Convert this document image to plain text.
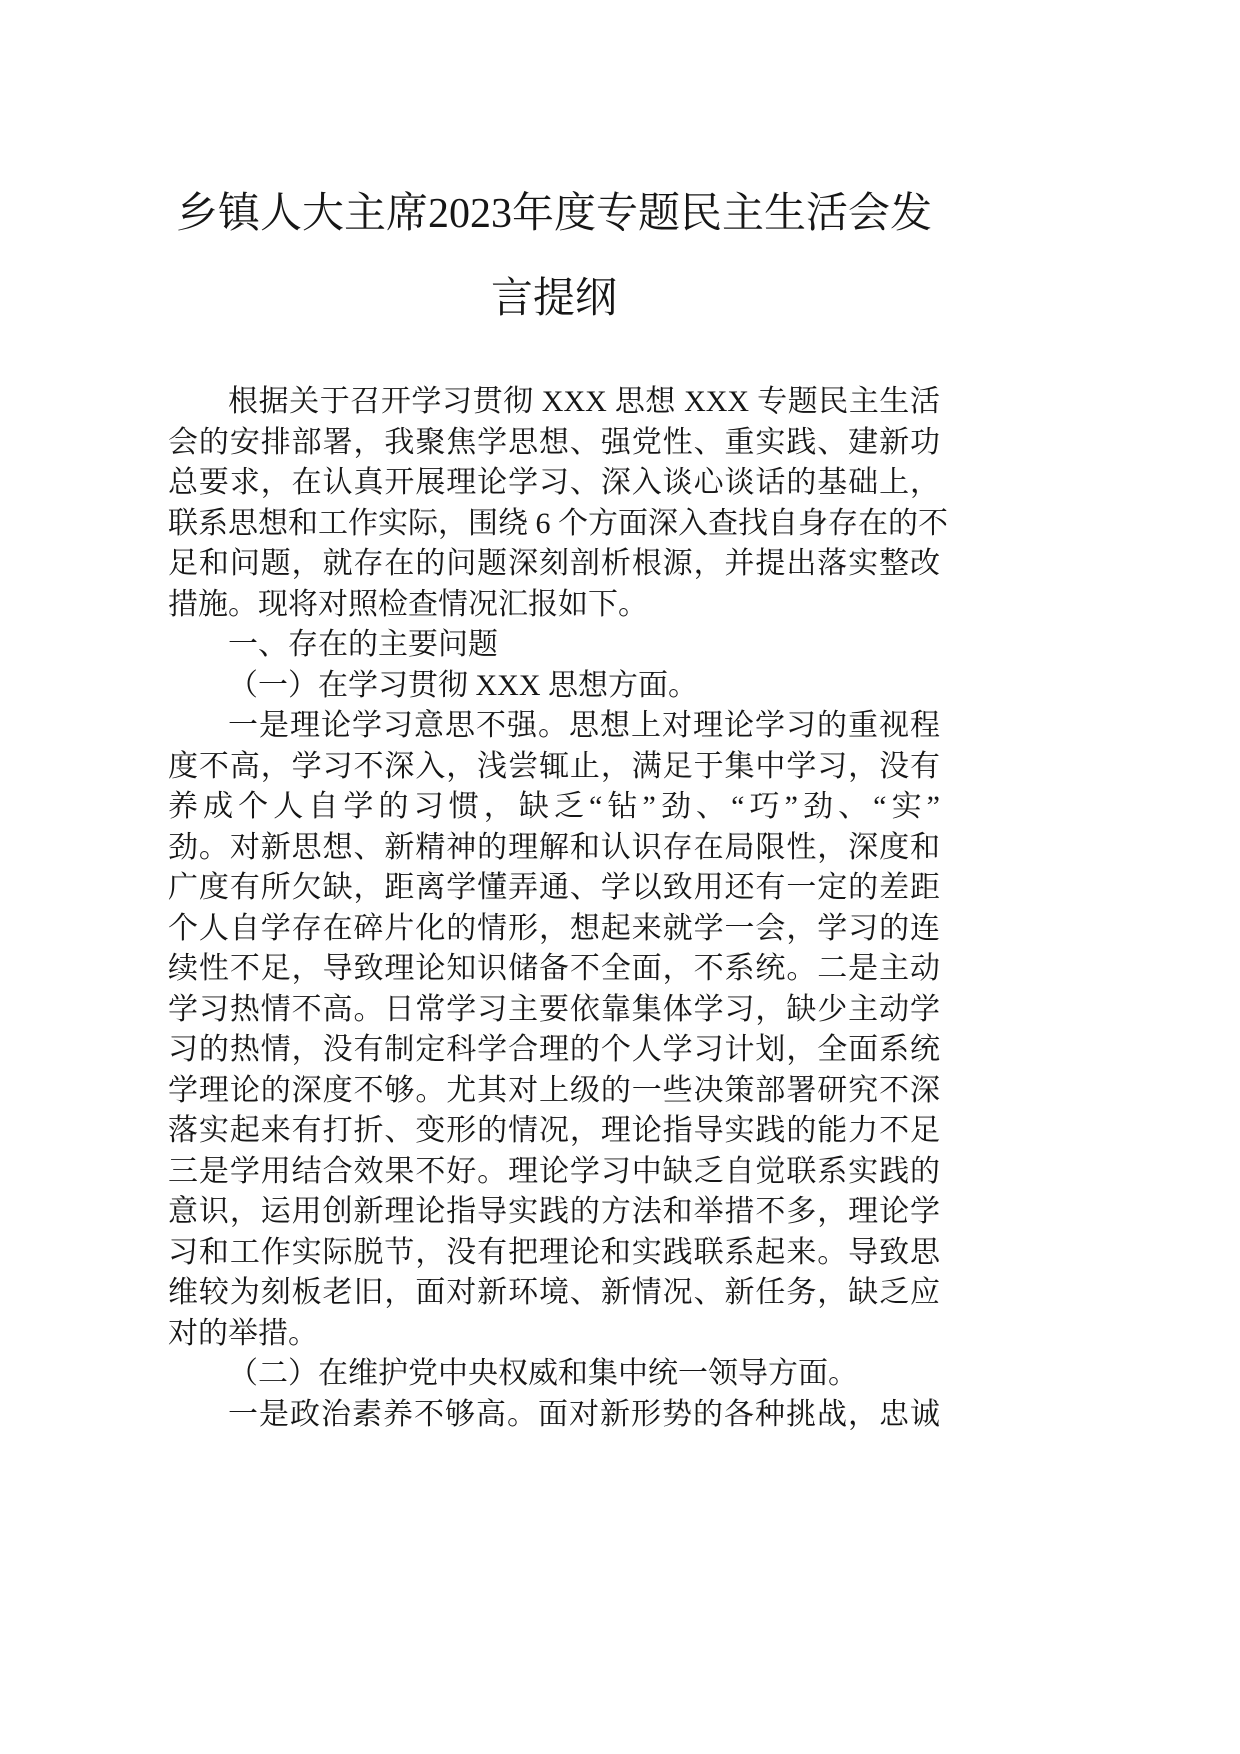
乡镇人大主席2023年度专题民主生活会发
言提纲
根据关于召开学习贯彻 XXX 思想 XXX 专题民主生活
会的安排部署，我聚焦学思想、强党性、重实践、建新功
总要求，在认真开展理论学习、深入谈心谈话的基础上，
联系思想和工作实际，围绕 6 个方面深入查找自身存在的不
足和问题，就存在的问题深刻剖析根源，并提出落实整改
措施。现将对照检查情况汇报如下。
一、存在的主要问题
（一）在学习贯彻 XXX 思想方面。
一是理论学习意思不强。思想上对理论学习的重视程
度不高，学习不深入，浅尝辄止，满足于集中学习，没有
养成个人自学的习惯，缺乏“钻”劲、“巧”劲、“实”
劲。对新思想、新精神的理解和认识存在局限性，深度和
广度有所欠缺，距离学懂弄通、学以致用还有一定的差距
个人自学存在碎片化的情形，想起来就学一会，学习的连
续性不足，导致理论知识储备不全面，不系统。二是主动
学习热情不高。日常学习主要依靠集体学习，缺少主动学
习的热情，没有制定科学合理的个人学习计划，全面系统
学理论的深度不够。尤其对上级的一些决策部署研究不深
落实起来有打折、变形的情况，理论指导实践的能力不足
三是学用结合效果不好。理论学习中缺乏自觉联系实践的
意识，运用创新理论指导实践的方法和举措不多，理论学
习和工作实际脱节，没有把理论和实践联系起来。导致思
维较为刻板老旧，面对新环境、新情况、新任务，缺乏应
对的举措。
（二）在维护党中央权威和集中统一领导方面。
一是政治素养不够高。面对新形势的各种挑战，忠诚
